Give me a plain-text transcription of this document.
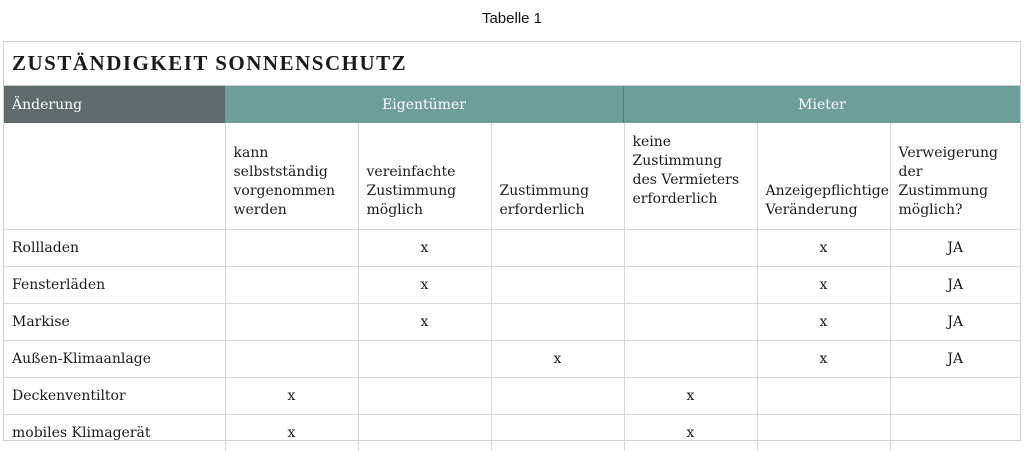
Tabelle 1
ZUSTÄNDIGKEIT SONNENSCHUTZ
Änderung	Eigentümer	Mieter
	kann selbstständig vorgenommen werden	vereinfachte Zustimmung möglich	Zustimmung erforderlich	keine Zustimmung des Vermieters erforderlich	Anzeigepflichtige Veränderung	Verweigerung der Zustimmung möglich?
Rollladen		x			x	JA
Fensterläden		x			x	JA
Markise		x			x	JA
Außen-Klimaanlage			x		x	JA
Deckenventiltor	x			x		
mobiles Klimagerät	x			x		
